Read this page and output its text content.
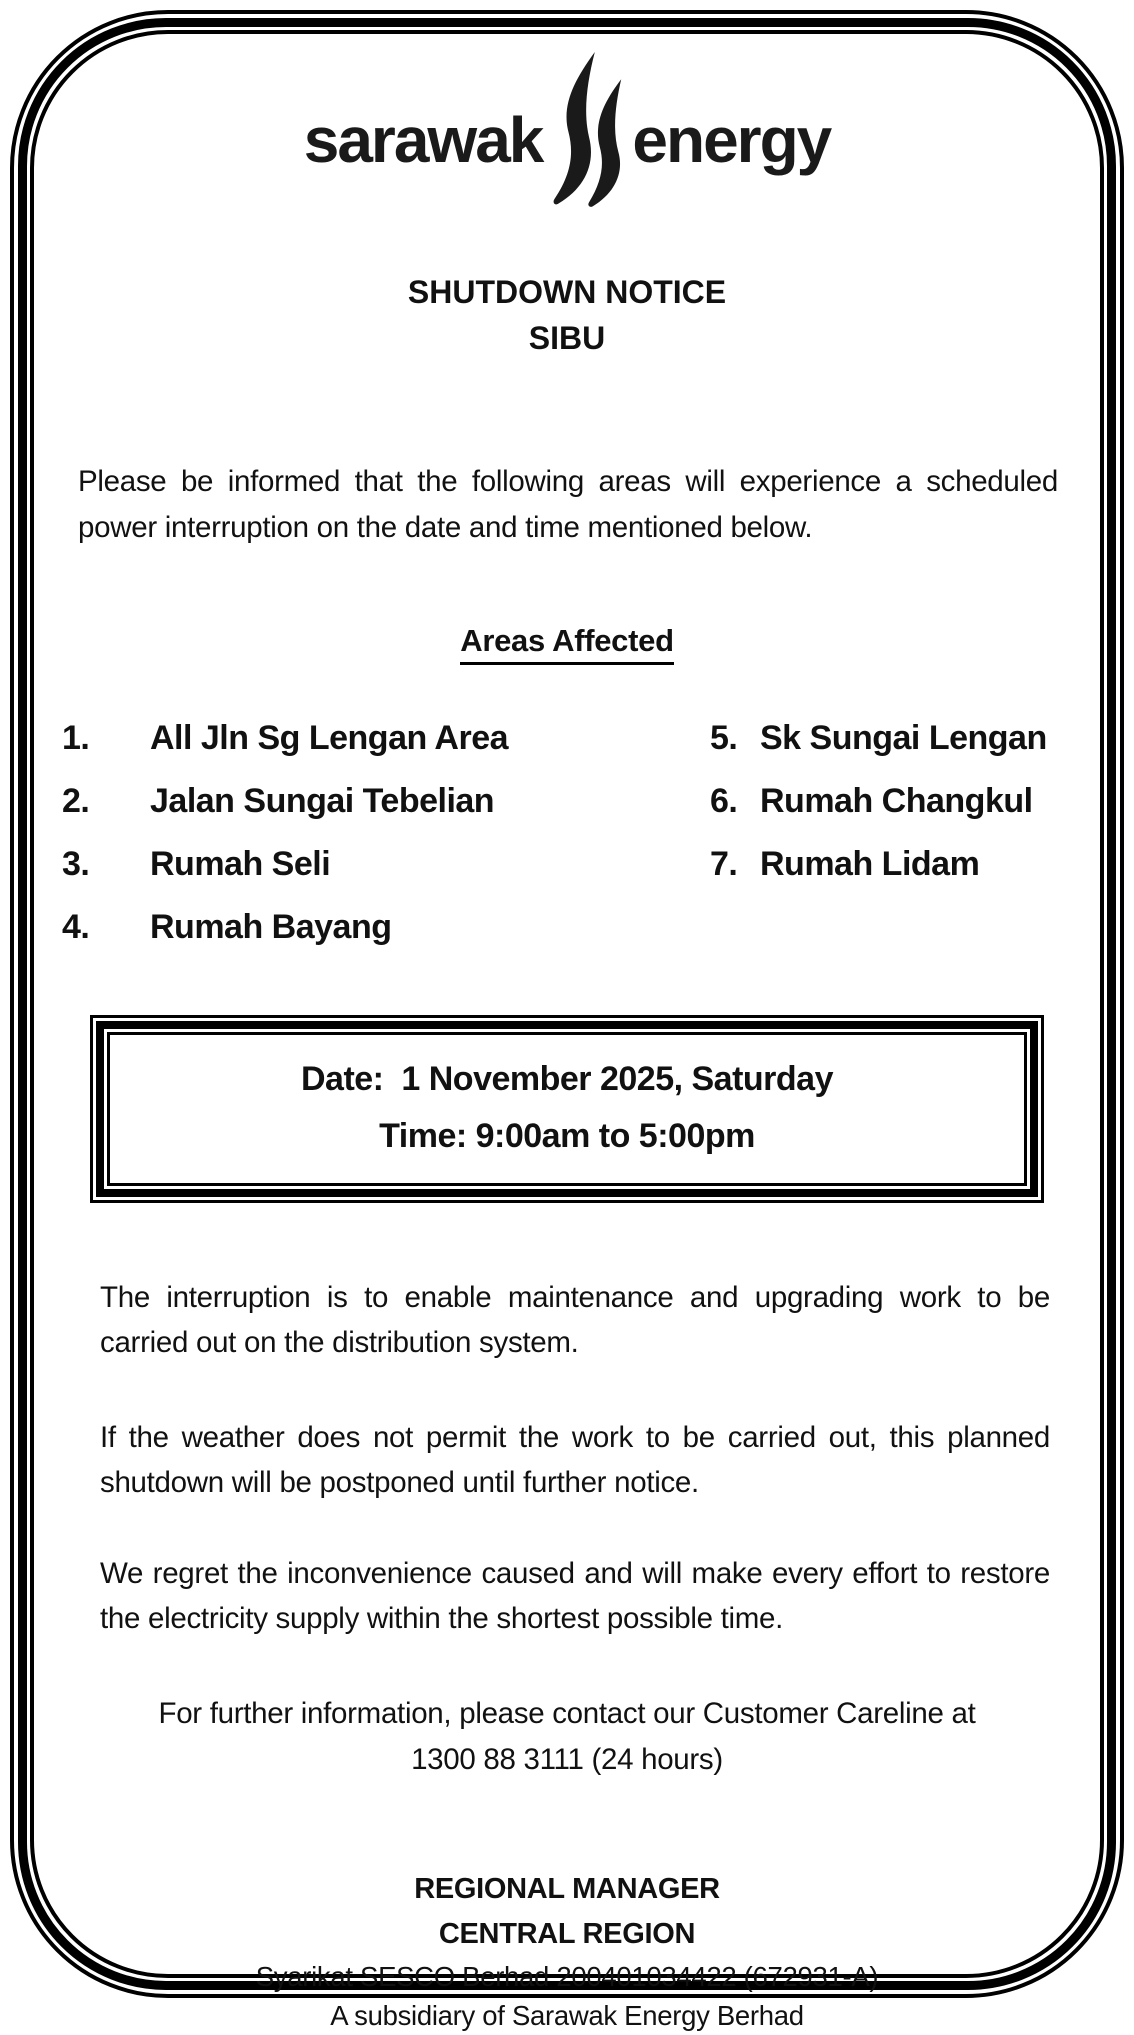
sarawak energy
SHUTDOWN NOTICE
SIBU

Please be informed that the following areas will experience a scheduled power interruption on the date and time mentioned below.

Areas Affected
1.	All Jln Sg Lengan Area
2.	Jalan Sungai Tebelian
3.	Rumah Seli
4.	Rumah Bayang
5. Sk Sungai Lengan
6. Rumah Changkul
7. Rumah Lidam
Date:  1 November 2025, Saturday
Time: 9:00am to 5:00pm

The interruption is to enable maintenance and upgrading work to be carried out on the distribution system.

If the weather does not permit the work to be carried out, this planned shutdown will be postponed until further notice.

We regret the inconvenience caused and will make every effort to restore the electricity supply within the shortest possible time.

For further information, please contact our Customer Careline at
1300 88 3111 (24 hours)
REGIONAL MANAGER
CENTRAL REGION
Syarikat SESCO Berhad 200401034422 (672931-A)
A subsidiary of Sarawak Energy Berhad
